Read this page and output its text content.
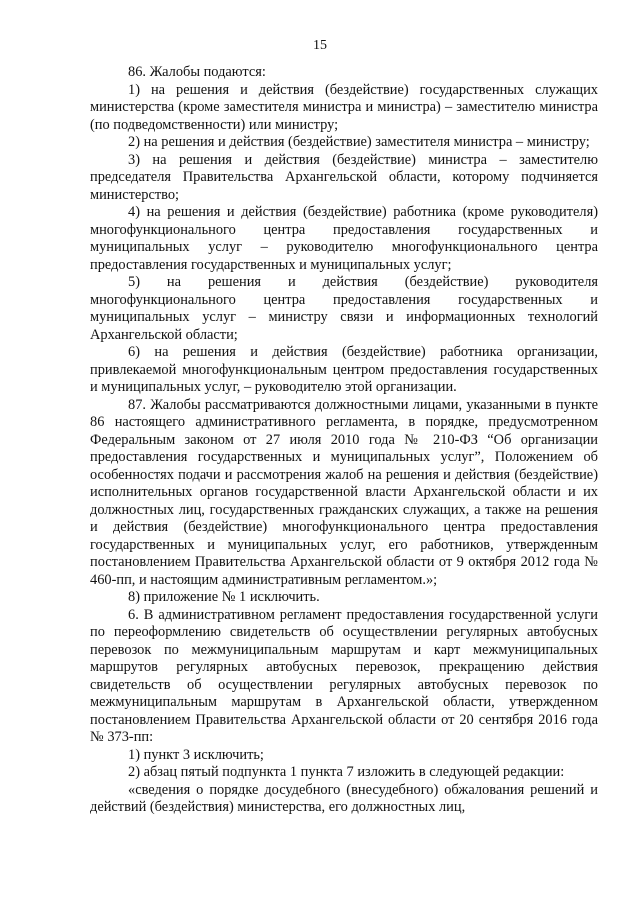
15

86. Жалобы подаются:

1) на решения и действия (бездействие) государственных служащих министерства (кроме заместителя министра и министра) – заместителю министра (по подведомственности) или министру;

2) на решения и действия (бездействие) заместителя министра – министру;

3) на решения и действия (бездействие) министра – заместителю председателя Правительства Архангельской области, которому подчиняется министерство;

4) на решения и действия (бездействие) работника (кроме руководителя) многофункционального центра предоставления государственных и муниципальных услуг – руководителю многофункционального центра предоставления государственных и муниципальных услуг;

5) на решения и действия (бездействие) руководителя многофункционального центра предоставления государственных и муниципальных услуг – министру связи и информационных технологий Архангельской области;

6) на решения и действия (бездействие) работника организации, привлекаемой многофункциональным центром предоставления государственных и муниципальных услуг, – руководителю этой организации.

87. Жалобы рассматриваются должностными лицами, указанными в пункте 86 настоящего административного регламента, в порядке, предусмотренном Федеральным законом от 27 июля 2010 года № 210-ФЗ “Об организации предоставления государственных и муниципальных услуг”, Положением об особенностях подачи и рассмотрения жалоб на решения и действия (бездействие) исполнительных органов государственной власти Архангельской области и их должностных лиц, государственных гражданских служащих, а также на решения и действия (бездействие) многофункционального центра предоставления государственных и муниципальных услуг, его работников, утвержденным постановлением Правительства Архангельской области от 9 октября 2012 года № 460-пп, и настоящим административным регламентом.»;

8) приложение № 1 исключить.

6. В административном регламент предоставления государственной услуги по переоформлению свидетельств об осуществлении регулярных автобусных перевозок по межмуниципальным маршрутам и карт межмуниципальных маршрутов регулярных автобусных перевозок, прекращению действия свидетельств об осуществлении регулярных автобусных перевозок по межмуниципальным маршрутам в Архангельской области, утвержденном постановлением Правительства Архангельской области от 20 сентября 2016 года № 373-пп:

1) пункт 3 исключить;

2) абзац пятый подпункта 1 пункта 7 изложить в следующей редакции:

«сведения о порядке досудебного (внесудебного) обжалования решений и действий (бездействия) министерства, его должностных лиц,
